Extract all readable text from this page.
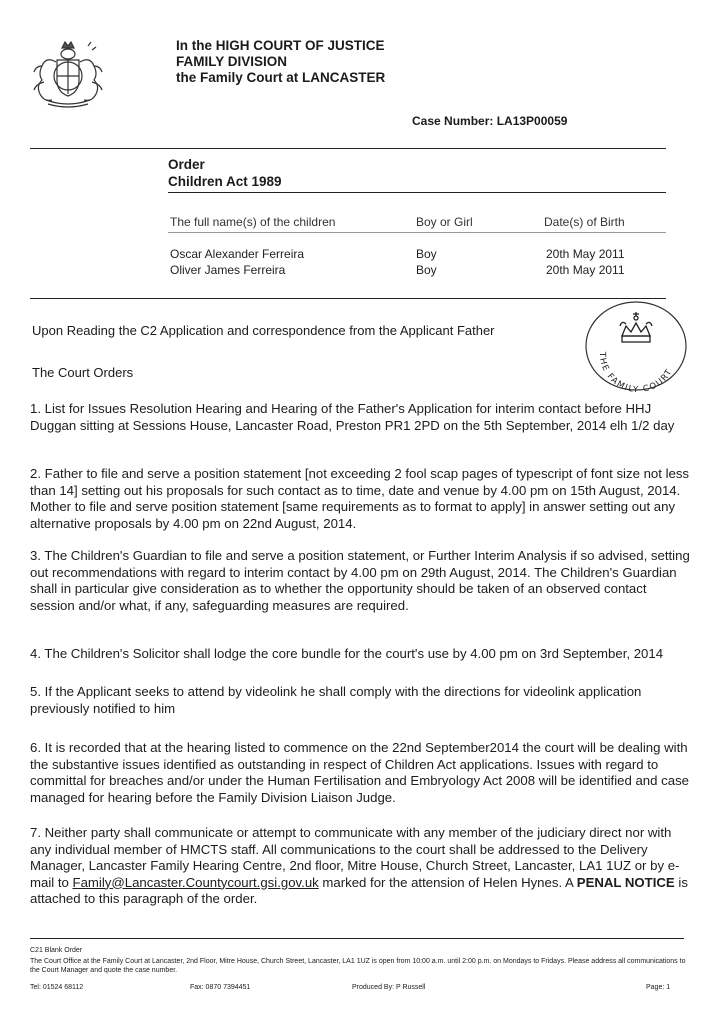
In the HIGH COURT OF JUSTICE
FAMILY DIVISION
the Family Court at LANCASTER
Case Number: LA13P00059
Order
Children Act 1989
The full name(s) of the children	Boy or Girl	Date(s) of Birth
Oscar Alexander Ferreira	Boy	20th May 2011
Oliver James Ferreira	Boy	20th May 2011
Upon Reading the C2 Application and correspondence from the Applicant Father
The Court Orders
THE FAMILY COURT
1. List for Issues Resolution Hearing and Hearing of the Father's Application for interim contact before HHJ Duggan sitting at Sessions House, Lancaster Road, Preston PR1 2PD on the 5th September, 2014 elh 1/2 day
2. Father to file and serve a position statement [not exceeding 2 fool scap pages of typescript of font size not less than 14] setting out his proposals for such contact as to time, date and venue by 4.00 pm on 15th August, 2014. Mother to file and serve position statement [same requirements as to format to apply] in answer setting out any alternative proposals by 4.00 pm on 22nd August, 2014.
3. The Children's Guardian to file and serve a position statement, or Further Interim Analysis if so advised, setting out recommendations with regard to interim contact by 4.00 pm on 29th August, 2014. The Children's Guardian shall in particular give consideration as to whether the opportunity should be taken of an observed contact session and/or what, if any, safeguarding measures are required.
4. The Children's Solicitor shall lodge the core bundle for the court's use by 4.00 pm on 3rd September, 2014
5. If the Applicant seeks to attend by videolink he shall comply with the directions for videolink application previously notified to him
6. It is recorded that at the hearing listed to commence on the 22nd September2014 the court will be dealing with the substantive issues identified as outstanding in respect of Children Act applications. Issues with regard to committal for breaches and/or under the Human Fertilisation and Embryology Act 2008 will be identified and case managed for hearing before the Family Division Liaison Judge.
7. Neither party shall communicate or attempt to communicate with any member of the judiciary direct nor with any individual member of HMCTS staff. All communications to the court shall be addressed to the Delivery Manager, Lancaster Family Hearing Centre, 2nd floor, Mitre House, Church Street, Lancaster, LA1 1UZ or by e-mail to Family@Lancaster.Countycourt.gsi.gov.uk marked for the attension of Helen Hynes. A PENAL NOTICE is attached to this paragraph of the order.
C21 Blank Order
The Court Office at the Family Court at Lancaster, 2nd Floor, Mitre House, Church Street, Lancaster, LA1 1UZ is open from 10:00 a.m. until 2:00 p.m. on Mondays to Fridays. Please address all communications to the Court Manager and quote the case number.
Tel: 01524 68112	Fax: 0870 7394451	Produced By: P Russell	Page: 1
